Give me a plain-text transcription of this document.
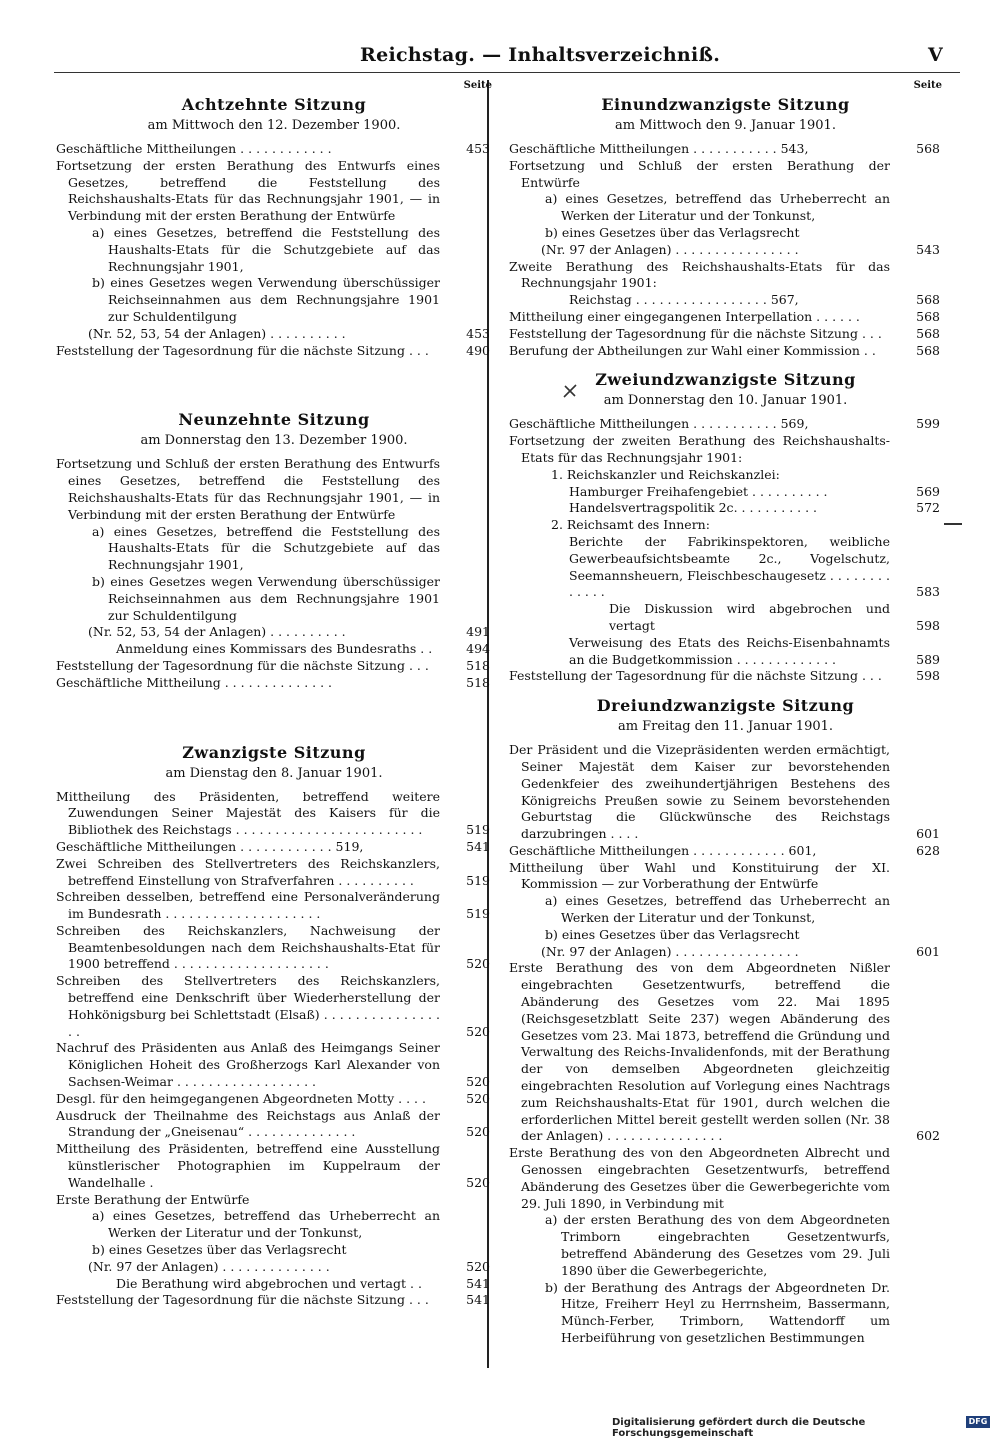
Reichstag. — Inhaltsverzeichniß.	V
Seite
Achtzehnte Sitzung
am Mittwoch den 12. Dezember 1900.
Geschäftliche Mittheilungen . . . . . . . . . . . .	453
Fortsetzung der ersten Berathung des Entwurfs eines Gesetzes, betreffend die Feststellung des Reichshaushalts-Etats für das Rechnungsjahr 1901, — in Verbindung mit der ersten Berathung der Entwürfe
a) eines Gesetzes, betreffend die Feststellung des Haushalts-Etats für die Schutzgebiete auf das Rechnungsjahr 1901,
b) eines Gesetzes wegen Verwendung überschüssiger Reichseinnahmen aus dem Rechnungsjahre 1901 zur Schuldentilgung
(Nr. 52, 53, 54 der Anlagen) . . . . . . . . . .	453
Feststellung der Tagesordnung für die nächste Sitzung . . .	490
Neunzehnte Sitzung
am Donnerstag den 13. Dezember 1900.
Fortsetzung und Schluß der ersten Berathung des Entwurfs eines Gesetzes, betreffend die Feststellung des Reichshaushalts-Etats für das Rechnungsjahr 1901, — in Verbindung mit der ersten Berathung der Entwürfe
a) eines Gesetzes, betreffend die Feststellung des Haushalts-Etats für die Schutzgebiete auf das Rechnungsjahr 1901,
b) eines Gesetzes wegen Verwendung überschüssiger Reichseinnahmen aus dem Rechnungsjahre 1901 zur Schuldentilgung
(Nr. 52, 53, 54 der Anlagen) . . . . . . . . . .	491
Anmeldung eines Kommissars des Bundesraths . .	494
Feststellung der Tagesordnung für die nächste Sitzung . . .	518
Geschäftliche Mittheilung . . . . . . . . . . . . . .	518
Zwanzigste Sitzung
am Dienstag den 8. Januar 1901.
Mittheilung des Präsidenten, betreffend weitere Zuwendungen Seiner Majestät des Kaisers für die Bibliothek des Reichstags . . . . . . . . . . . . . . . . . . . . . . . .	519
Geschäftliche Mittheilungen . . . . . . . . . . . . 519,	541
Zwei Schreiben des Stellvertreters des Reichskanzlers, betreffend Einstellung von Strafverfahren . . . . . . . . . .	519
Schreiben desselben, betreffend eine Personalveränderung im Bundesrath . . . . . . . . . . . . . . . . . . . .	519
Schreiben des Reichskanzlers, Nachweisung der Beamtenbesoldungen nach dem Reichshaushalts-Etat für 1900 betreffend . . . . . . . . . . . . . . . . . . . .	520
Schreiben des Stellvertreters des Reichskanzlers, betreffend eine Denkschrift über Wiederherstellung der Hohkönigsburg bei Schlettstadt (Elsaß) . . . . . . . . . . . . . . . . .	520
Nachruf des Präsidenten aus Anlaß des Heimgangs Seiner Königlichen Hoheit des Großherzogs Karl Alexander von Sachsen-Weimar . . . . . . . . . . . . . . . . . .	520
Desgl. für den heimgegangenen Abgeordneten Motty . . . .	520
Ausdruck der Theilnahme des Reichstags aus Anlaß der Strandung der „Gneisenau“ . . . . . . . . . . . . . .	520
Mittheilung des Präsidenten, betreffend eine Ausstellung künstlerischer Photographien im Kuppelraum der Wandelhalle .	520
Erste Berathung der Entwürfe
a) eines Gesetzes, betreffend das Urheberrecht an Werken der Literatur und der Tonkunst,
b) eines Gesetzes über das Verlagsrecht
(Nr. 97 der Anlagen) . . . . . . . . . . . . . .	520
Die Berathung wird abgebrochen und vertagt . .	541
Feststellung der Tagesordnung für die nächste Sitzung . . .	541
Seite
Einundzwanzigste Sitzung
am Mittwoch den 9. Januar 1901.
Geschäftliche Mittheilungen . . . . . . . . . . . 543,	568
Fortsetzung und Schluß der ersten Berathung der Entwürfe
a) eines Gesetzes, betreffend das Urheberrecht an Werken der Literatur und der Tonkunst,
b) eines Gesetzes über das Verlagsrecht
(Nr. 97 der Anlagen) . . . . . . . . . . . . . . . .	543
Zweite Berathung des Reichshaushalts-Etats für das Rechnungsjahr 1901:
Reichstag . . . . . . . . . . . . . . . . . 567,	568
Mittheilung einer eingegangenen Interpellation . . . . . .	568
Feststellung der Tagesordnung für die nächste Sitzung . . .	568
Berufung der Abtheilungen zur Wahl einer Kommission . .	568
Zweiundzwanzigste Sitzung
am Donnerstag den 10. Januar 1901.
Geschäftliche Mittheilungen . . . . . . . . . . . 569,	599
Fortsetzung der zweiten Berathung des Reichshaushalts-Etats für das Rechnungsjahr 1901:
1. Reichskanzler und Reichskanzlei:
Hamburger Freihafengebiet . . . . . . . . . .	569
Handelsvertragspolitik 2c. . . . . . . . . . .	572
2. Reichsamt des Innern:
Berichte der Fabrikinspektoren, weibliche Gewerbeaufsichtsbeamte 2c., Vogelschutz, Seemannsheuern, Fleischbeschaugesetz . . . . . . . . . . . . .	583
Die Diskussion wird abgebrochen und vertagt	598
Verweisung des Etats des Reichs-Eisenbahnamts an die Budgetkommission . . . . . . . . . . . . .	589
Feststellung der Tagesordnung für die nächste Sitzung . . .	598
Dreiundzwanzigste Sitzung
am Freitag den 11. Januar 1901.
Der Präsident und die Vizepräsidenten werden ermächtigt, Seiner Majestät dem Kaiser zur bevorstehenden Gedenkfeier des zweihundertjährigen Bestehens des Königreichs Preußen sowie zu Seinem bevorstehenden Geburtstag die Glückwünsche des Reichstags darzubringen . . . .	601
Geschäftliche Mittheilungen . . . . . . . . . . . . 601,	628
Mittheilung über Wahl und Konstituirung der XI. Kommission — zur Vorberathung der Entwürfe
a) eines Gesetzes, betreffend das Urheberrecht an Werken der Literatur und der Tonkunst,
b) eines Gesetzes über das Verlagsrecht
(Nr. 97 der Anlagen) . . . . . . . . . . . . . . . .	601
Erste Berathung des von dem Abgeordneten Nißler eingebrachten Gesetzentwurfs, betreffend die Abänderung des Gesetzes vom 22. Mai 1895 (Reichsgesetzblatt Seite 237) wegen Abänderung des Gesetzes vom 23. Mai 1873, betreffend die Gründung und Verwaltung des Reichs-Invalidenfonds, mit der Berathung der von demselben Abgeordneten gleichzeitig eingebrachten Resolution auf Vorlegung eines Nachtrags zum Reichshaushalts-Etat für 1901, durch welchen die erforderlichen Mittel bereit gestellt werden sollen (Nr. 38 der Anlagen) . . . . . . . . . . . . . . .	602
Erste Berathung des von den Abgeordneten Albrecht und Genossen eingebrachten Gesetzentwurfs, betreffend Abänderung des Gesetzes über die Gewerbegerichte vom 29. Juli 1890, in Verbindung mit
a) der ersten Berathung des von dem Abgeordneten Trimborn eingebrachten Gesetzentwurfs, betreffend Abänderung des Gesetzes vom 29. Juli 1890 über die Gewerbegerichte,
b) der Berathung des Antrags der Abgeordneten Dr. Hitze, Freiherr Heyl zu Herrnsheim, Bassermann, Münch-Ferber, Trimborn, Wattendorff um Herbeiführung von gesetzlichen Bestimmungen
Digitalisierung gefördert durch die Deutsche Forschungsgemeinschaft
DFG
